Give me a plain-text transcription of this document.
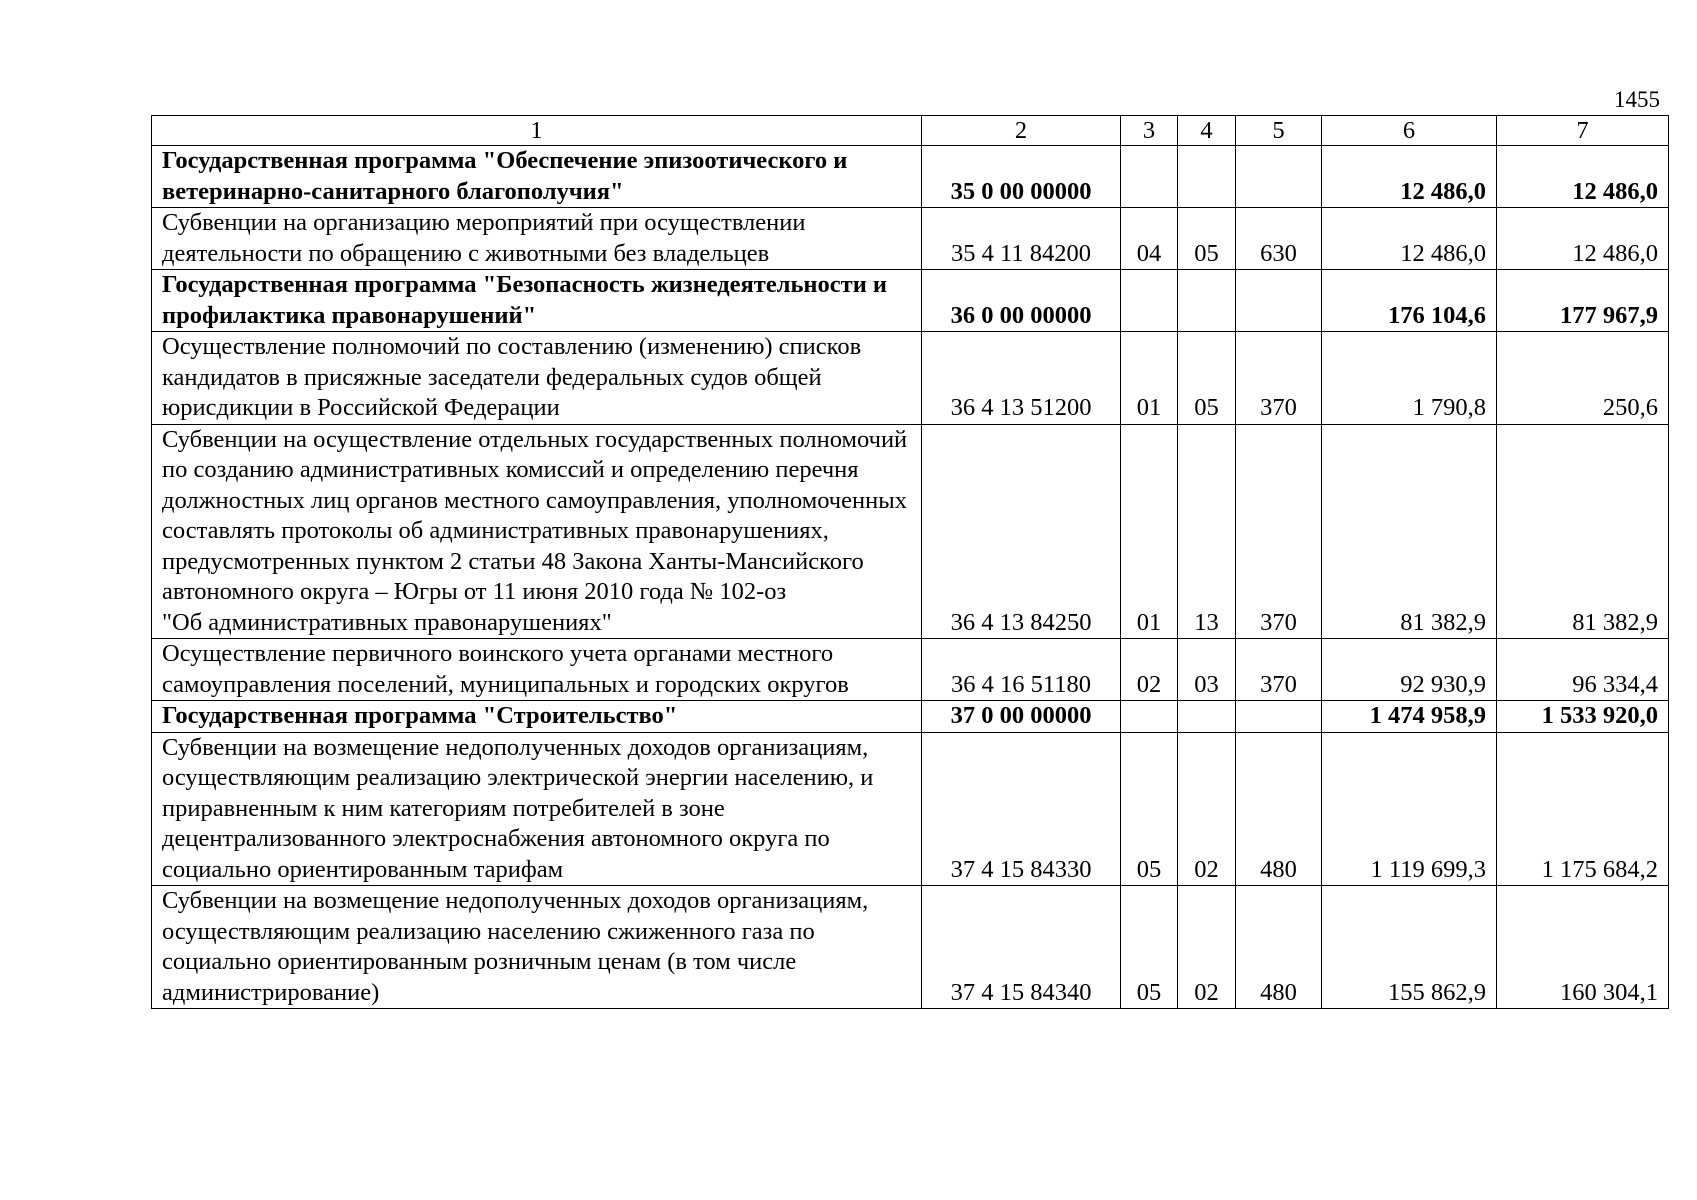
1455
1	2	3	4	5	6	7
Государственная программа "Обеспечение эпизоотического и ветеринарно-санитарного благополучия"	35 0 00 00000				12 486,0	12 486,0
Субвенции на организацию мероприятий при осуществлении деятельности по обращению с животными без владельцев	35 4 11 84200	04	05	630	12 486,0	12 486,0
Государственная программа "Безопасность жизнедеятельности и профилактика правонарушений"	36 0 00 00000				176 104,6	177 967,9
Осуществление полномочий по составлению (изменению) списков кандидатов в присяжные заседатели федеральных судов общей юрисдикции в Российской Федерации	36 4 13 51200	01	05	370	1 790,8	250,6

Субвенции на осуществление отдельных государственных полномочий по созданию административных комиссий и определению перечня должностных лиц органов местного самоуправления, уполномоченных составлять протоколы об административных правонарушениях, предусмотренных пунктом 2 статьи 48 Закона Ханты-Мансийского автономного округа – Югры от 11 июня 2010 года № 102-оз
"Об административных правонарушениях"	36 4 13 84250	01	13	370	81 382,9	81 382,9
Осуществление первичного воинского учета органами местного самоуправления поселений, муниципальных и городских округов	36 4 16 51180	02	03	370	92 930,9	96 334,4
Государственная программа "Строительство"	37 0 00 00000				1 474 958,9	1 533 920,0
Субвенции на возмещение недополученных доходов организациям, осуществляющим реализацию электрической энергии населению, и приравненным к ним категориям потребителей в зоне децентрализованного электроснабжения автономного округа по социально ориентированным тарифам	37 4 15 84330	05	02	480	1 119 699,3	1 175 684,2
Субвенции на возмещение недополученных доходов организациям, осуществляющим реализацию населению сжиженного газа по социально ориентированным розничным ценам (в том числе администрирование)	37 4 15 84340	05	02	480	155 862,9	160 304,1
